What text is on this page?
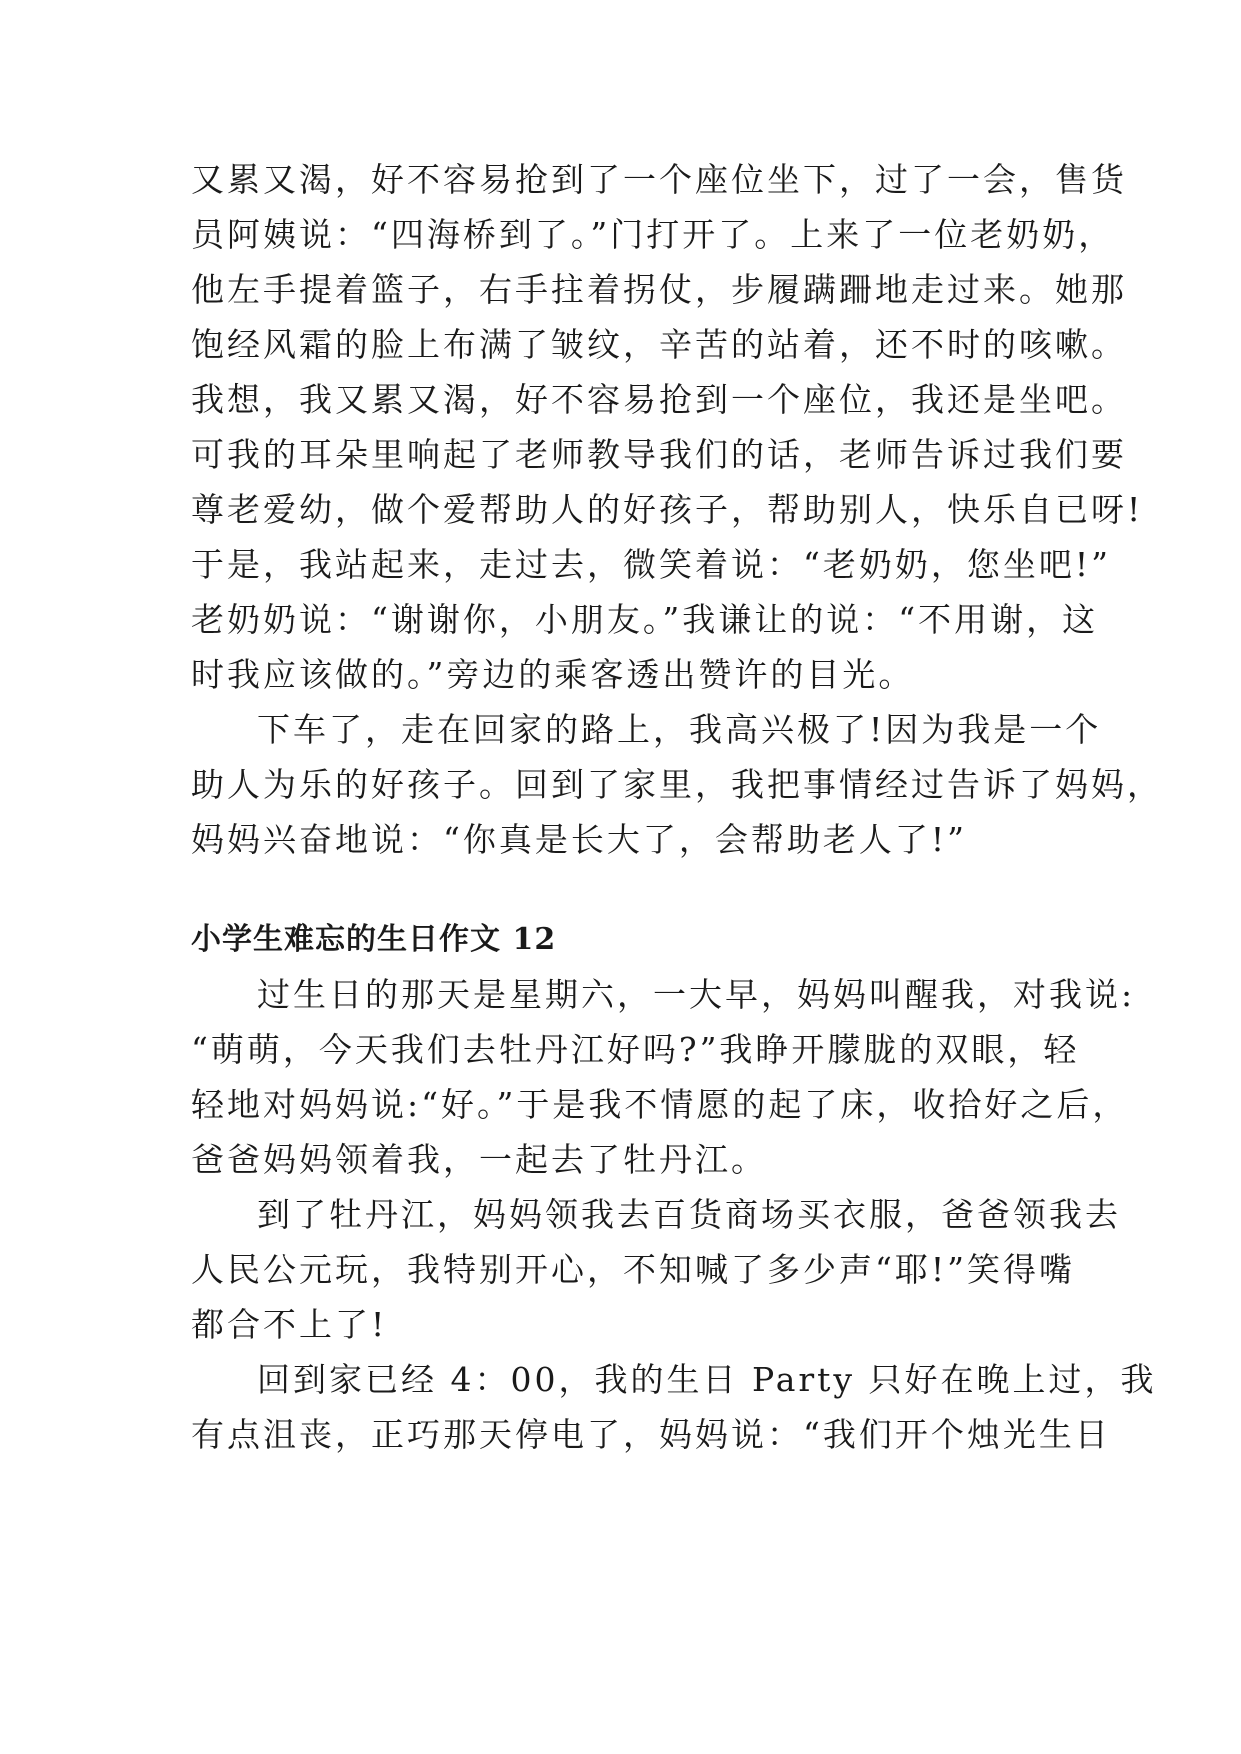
又累又渴，好不容易抢到了一个座位坐下，过了一会，售货

员阿姨说：“四海桥到了。”门打开了。上来了一位老奶奶，

他左手提着篮子，右手拄着拐仗，步履蹒跚地走过来。她那

饱经风霜的脸上布满了皱纹，辛苦的站着，还不时的咳嗽。

我想，我又累又渴，好不容易抢到一个座位，我还是坐吧。

可我的耳朵里响起了老师教导我们的话，老师告诉过我们要

尊老爱幼，做个爱帮助人的好孩子，帮助别人，快乐自已呀!

于是，我站起来，走过去，微笑着说：“老奶奶，您坐吧!”

老奶奶说：“谢谢你，小朋友。”我谦让的说：“不用谢，这

时我应该做的。”旁边的乘客透出赞许的目光。

下车了，走在回家的路上，我高兴极了!因为我是一个

助人为乐的好孩子。回到了家里，我把事情经过告诉了妈妈，

妈妈兴奋地说：“你真是长大了，会帮助老人了!”

小学生难忘的生日作文 12

过生日的那天是星期六，一大早，妈妈叫醒我，对我说:

“萌萌，今天我们去牡丹江好吗?”我睁开朦胧的双眼，轻

轻地对妈妈说:“好。”于是我不情愿的起了床，收拾好之后，

爸爸妈妈领着我，一起去了牡丹江。

到了牡丹江，妈妈领我去百货商场买衣服，爸爸领我去

人民公元玩，我特别开心，不知喊了多少声“耶!”笑得嘴

都合不上了!

回到家已经 4：00，我的生日 Party 只好在晚上过，我

有点沮丧，正巧那天停电了，妈妈说：“我们开个烛光生日
